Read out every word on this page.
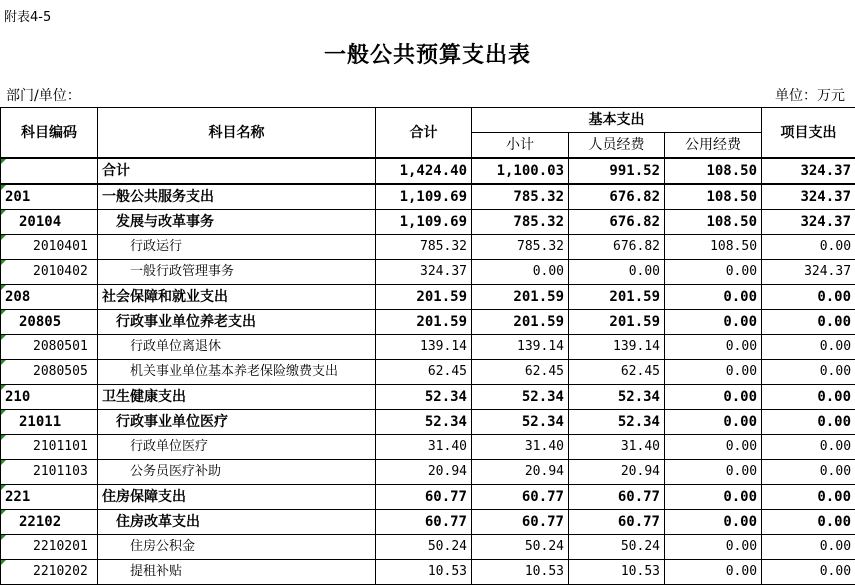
附表4-5
一般公共预算支出表
部门/单位：	单位：万元
科目编码	科目名称	合计	基本支出			项目支出
			小计	人员经费	公用经费	

	合计	1,424.40	1,100.03	991.52	108.50	324.37

201	一般公共服务支出	1,109.69	785.32	676.82	108.50	324.37

20104	发展与改革事务	1,109.69	785.32	676.82	108.50	324.37

2010401	行政运行	785.32	785.32	676.82	108.50	0.00

2010402	一般行政管理事务	324.37	0.00	0.00	0.00	324.37

208	社会保障和就业支出	201.59	201.59	201.59	0.00	0.00

20805	行政事业单位养老支出	201.59	201.59	201.59	0.00	0.00

2080501	行政单位离退休	139.14	139.14	139.14	0.00	0.00

2080505	机关事业单位基本养老保险缴费支出	62.45	62.45	62.45	0.00	0.00

210	卫生健康支出	52.34	52.34	52.34	0.00	0.00

21011	行政事业单位医疗	52.34	52.34	52.34	0.00	0.00

2101101	行政单位医疗	31.40	31.40	31.40	0.00	0.00

2101103	公务员医疗补助	20.94	20.94	20.94	0.00	0.00

221	住房保障支出	60.77	60.77	60.77	0.00	0.00

22102	住房改革支出	60.77	60.77	60.77	0.00	0.00

2210201	住房公积金	50.24	50.24	50.24	0.00	0.00

2210202	提租补贴	10.53	10.53	10.53	0.00	0.00
